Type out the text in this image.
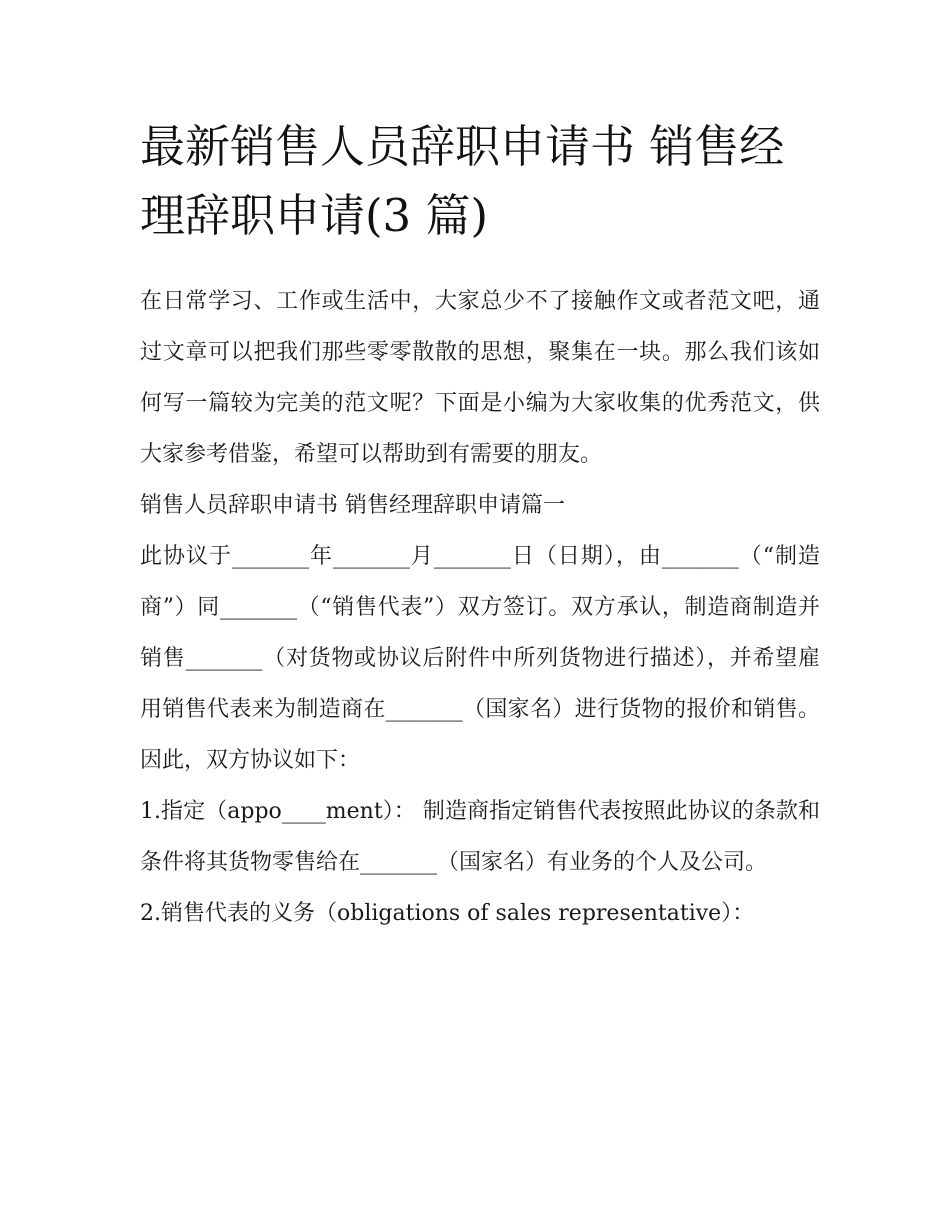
最新销售人员辞职申请书 销售经理辞职申请(3 篇)

在日常学习、工作或生活中，大家总少不了接触作文或者范文吧，通过文章可以把我们那些零零散散的思想，聚集在一块。那么我们该如何写一篇较为完美的范文呢？下面是小编为大家收集的优秀范文，供大家参考借鉴，希望可以帮助到有需要的朋友。

销售人员辞职申请书 销售经理辞职申请篇一

此协议于_______年_______月_______日（日期），由_______（“制造商”）同_______（“销售代表”）双方签订。双方承认，制造商制造并销售_______（对货物或协议后附件中所列货物进行描述），并希望雇用销售代表来为制造商在_______（国家名）进行货物的报价和销售。因此，双方协议如下：

1.指定（appo____ment）： 制造商指定销售代表按照此协议的条款和条件将其货物零售给在_______（国家名）有业务的个人及公司。

2.销售代表的义务（obligations of sales representative）：
